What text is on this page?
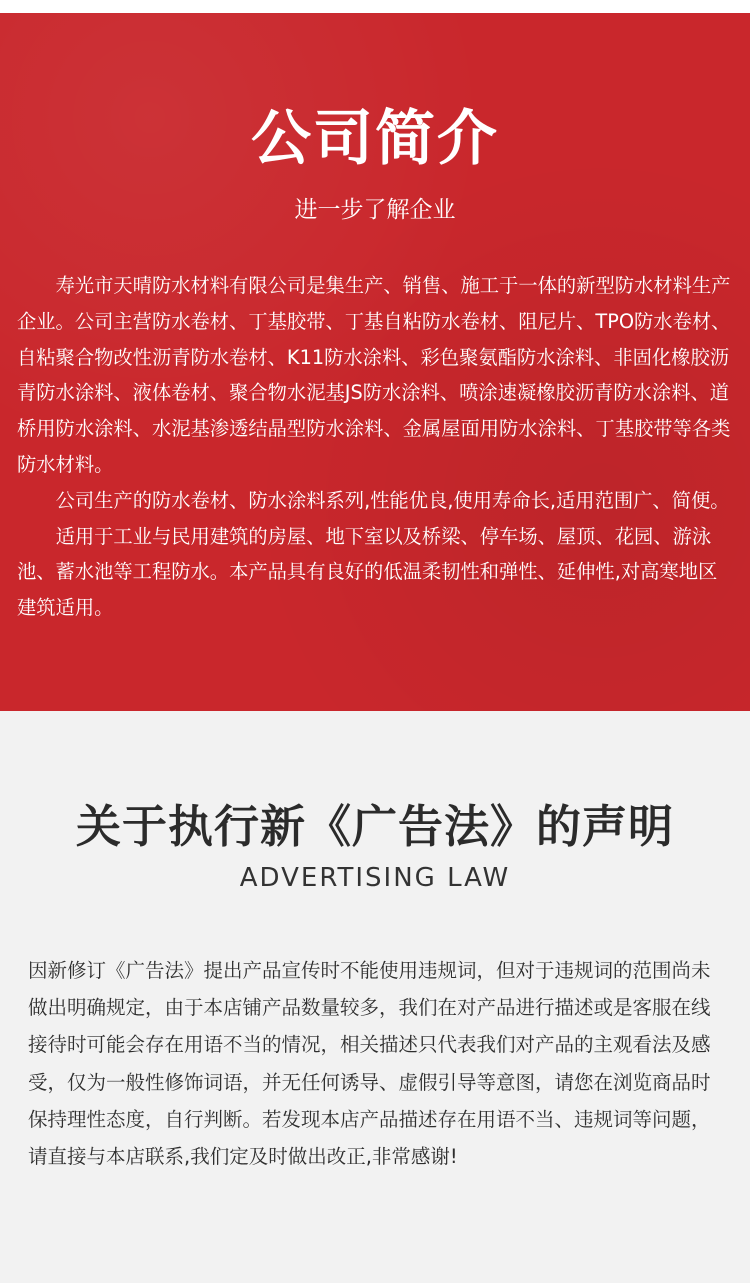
公司简介
进一步了解企业

寿光市天晴防水材料有限公司是集生产、销售、施工于一体的新型防水材料生产企业。公司主营防水卷材、丁基胶带、丁基自粘防水卷材、阻尼片、TPO防水卷材、自粘聚合物改性沥青防水卷材、K11防水涂料、彩色聚氨酯防水涂料、非固化橡胶沥青防水涂料、液体卷材、聚合物水泥基JS防水涂料、喷涂速凝橡胶沥青防水涂料、道桥用防水涂料、水泥基渗透结晶型防水涂料、金属屋面用防水涂料、丁基胶带等各类防水材料。

公司生产的防水卷材、防水涂料系列,性能优良,使用寿命长,适用范围广、简便。

适用于工业与民用建筑的房屋、地下室以及桥梁、停车场、屋顶、花园、游泳池、蓄水池等工程防水。本产品具有良好的低温柔韧性和弹性、延伸性,对高寒地区建筑适用。

关于执行新《广告法》的声明
ADVERTISING LAW

因新修订《广告法》提出产品宣传时不能使用违规词，但对于违规词的范围尚未做出明确规定，由于本店铺产品数量较多，我们在对产品进行描述或是客服在线接待时可能会存在用语不当的情况，相关描述只代表我们对产品的主观看法及感受，仅为一般性修饰词语，并无任何诱导、虚假引导等意图，请您在浏览商品时保持理性态度，自行判断。若发现本店产品描述存在用语不当、违规词等问题，请直接与本店联系,我们定及时做出改正,非常感谢!
